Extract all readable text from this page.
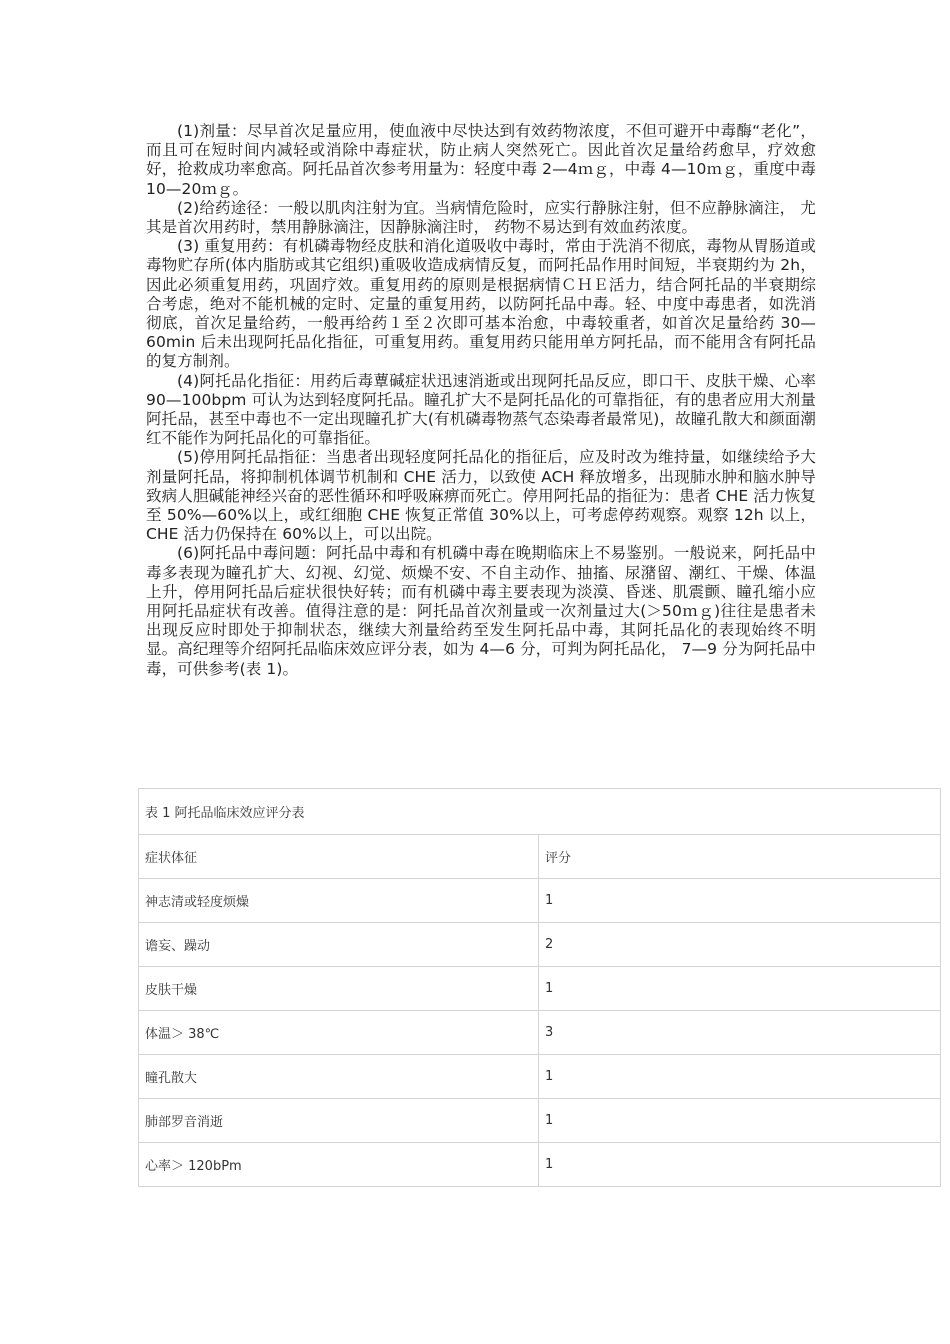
(1)剂量：尽早首次足量应用，使血液中尽快达到有效药物浓度，不但可避开中毒酶“老化”，而且可在短时间内减轻或消除中毒症状，防止病人突然死亡。因此首次足量给药愈早，疗效愈好，抢救成功率愈高。阿托品首次参考用量为：轻度中毒 2—4ｍｇ，中毒 4—10ｍｇ，重度中毒 10—20ｍｇ。

(2)给药途径：一般以肌肉注射为宜。当病情危险时，应实行静脉注射，但不应静脉滴注， 尤其是首次用药时，禁用静脉滴注，因静脉滴注时， 药物不易达到有效血药浓度。

(3) 重复用药：有机磷毒物经皮肤和消化道吸收中毒时，常由于洗消不彻底，毒物从胃肠道或毒物贮存所(体内脂肪或其它组织)重吸收造成病情反复，而阿托品作用时间短，半衰期约为 2h，因此必须重复用药，巩固疗效。重复用药的原则是根据病情ＣＨＥ活力，结合阿托品的半衰期综合考虑，绝对不能机械的定时、定量的重复用药，以防阿托品中毒。轻、中度中毒患者，如洗消彻底，首次足量给药，一般再给药１至２次即可基本治愈，中毒较重者，如首次足量给药 30—60min 后未出现阿托品化指征，可重复用药。重复用药只能用单方阿托品，而不能用含有阿托品的复方制剂。

(4)阿托品化指征：用药后毒蕈碱症状迅速消逝或出现阿托品反应，即口干、皮肤干燥、心率 90—100bpm 可认为达到轻度阿托品。瞳孔扩大不是阿托品化的可靠指征，有的患者应用大剂量阿托品，甚至中毒也不一定出现瞳孔扩大(有机磷毒物蒸气态染毒者最常见)，故瞳孔散大和颜面潮红不能作为阿托品化的可靠指征。

(5)停用阿托品指征：当患者出现轻度阿托品化的指征后，应及时改为维持量，如继续给予大剂量阿托品，将抑制机体调节机制和 CHE 活力，以致使 ACH 释放增多，出现肺水肿和脑水肿导致病人胆碱能神经兴奋的恶性循环和呼吸麻痹而死亡。停用阿托品的指征为：患者 CHE 活力恢复至 50%—60%以上，或红细胞 CHE 恢复正常值 30%以上，可考虑停药观察。观察 12h 以上，CHE 活力仍保持在 60%以上，可以出院。

(6)阿托品中毒问题：阿托品中毒和有机磷中毒在晚期临床上不易鉴别。一般说来，阿托品中毒多表现为瞳孔扩大、幻视、幻觉、烦燥不安、不自主动作、抽搐、尿潴留、潮红、干燥、体温上升，停用阿托品后症状很快好转；而有机磷中毒主要表现为淡漠、昏迷、肌震颤、瞳孔缩小应用阿托品症状有改善。值得注意的是：阿托品首次剂量或一次剂量过大(＞50ｍｇ)往往是患者未出现反应时即处于抑制状态，继续大剂量给药至发生阿托品中毒，其阿托品化的表现始终不明显。高纪理等介绍阿托品临床效应评分表，如为 4—6 分，可判为阿托品化， 7—9 分为阿托品中毒，可供参考(表 1)。

表 1 阿托品临床效应评分表	
症状体征	评分
神志清或轻度烦燥	1
谵妄、躁动	2
皮肤干燥	1
体温＞ 38℃	3
瞳孔散大	1
肺部罗音消逝	1
心率＞ 120bPm	1
